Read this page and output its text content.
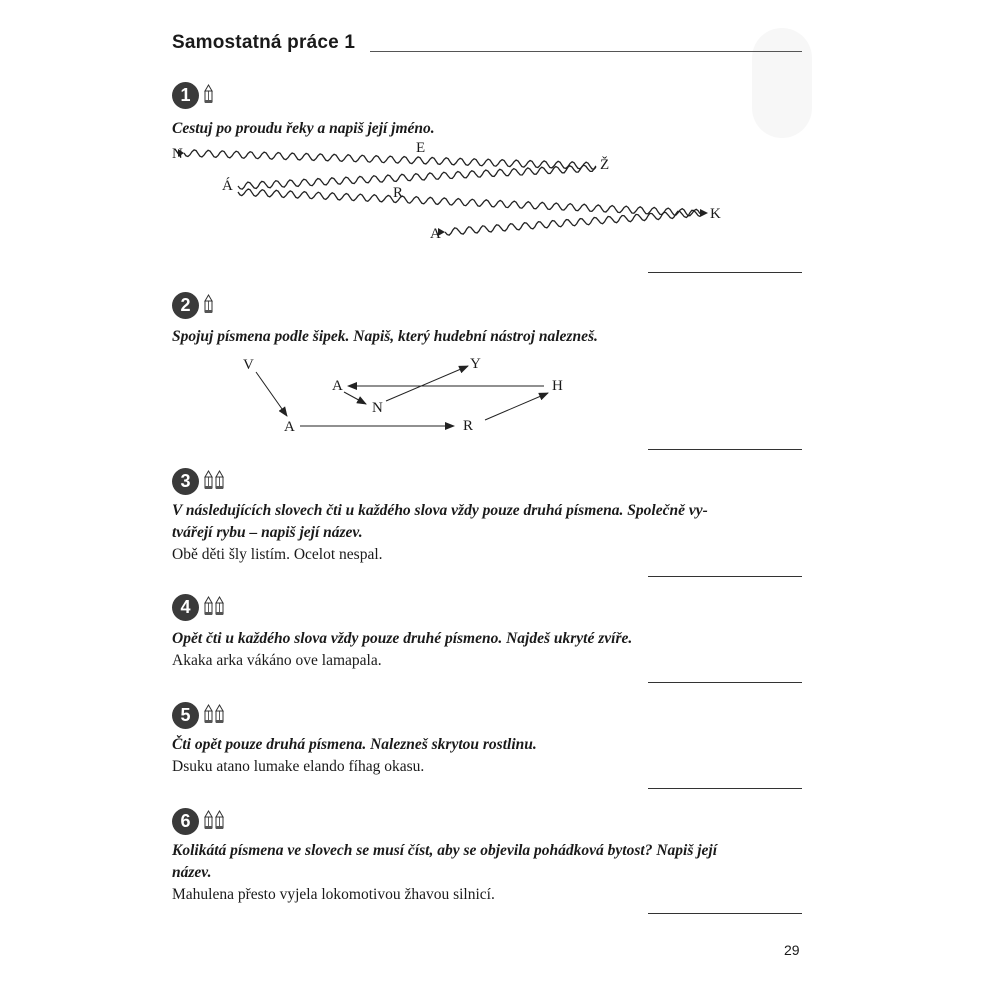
Samostatná práce 1
1
Cestuj po proudu řeky a napiš její jméno.
N	E
Ž
Á	R
K
A
2
Spojuj písmena podle šipek. Napiš, který hudební nástroj nalezneš.
V
A
N
Y
H
A	R
3
V následujících slovech čti u každého slova vždy pouze druhá písmena. Společně vy-
tvářejí rybu – napiš její název.
Obě děti šly listím. Ocelot nespal.
4
Opět čti u každého slova vždy pouze druhé písmeno. Najdeš ukryté zvíře.
Akaka arka vákáno ove lamapala.
5
Čti opět pouze druhá písmena. Nalezneš skrytou rostlinu.
Dsuku atano lumake elando fíhag okasu.
6
Kolikátá písmena ve slovech se musí číst, aby se objevila pohádková bytost? Napiš její
název.
Mahulena přesto vyjela lokomotivou žhavou silnicí.
29
